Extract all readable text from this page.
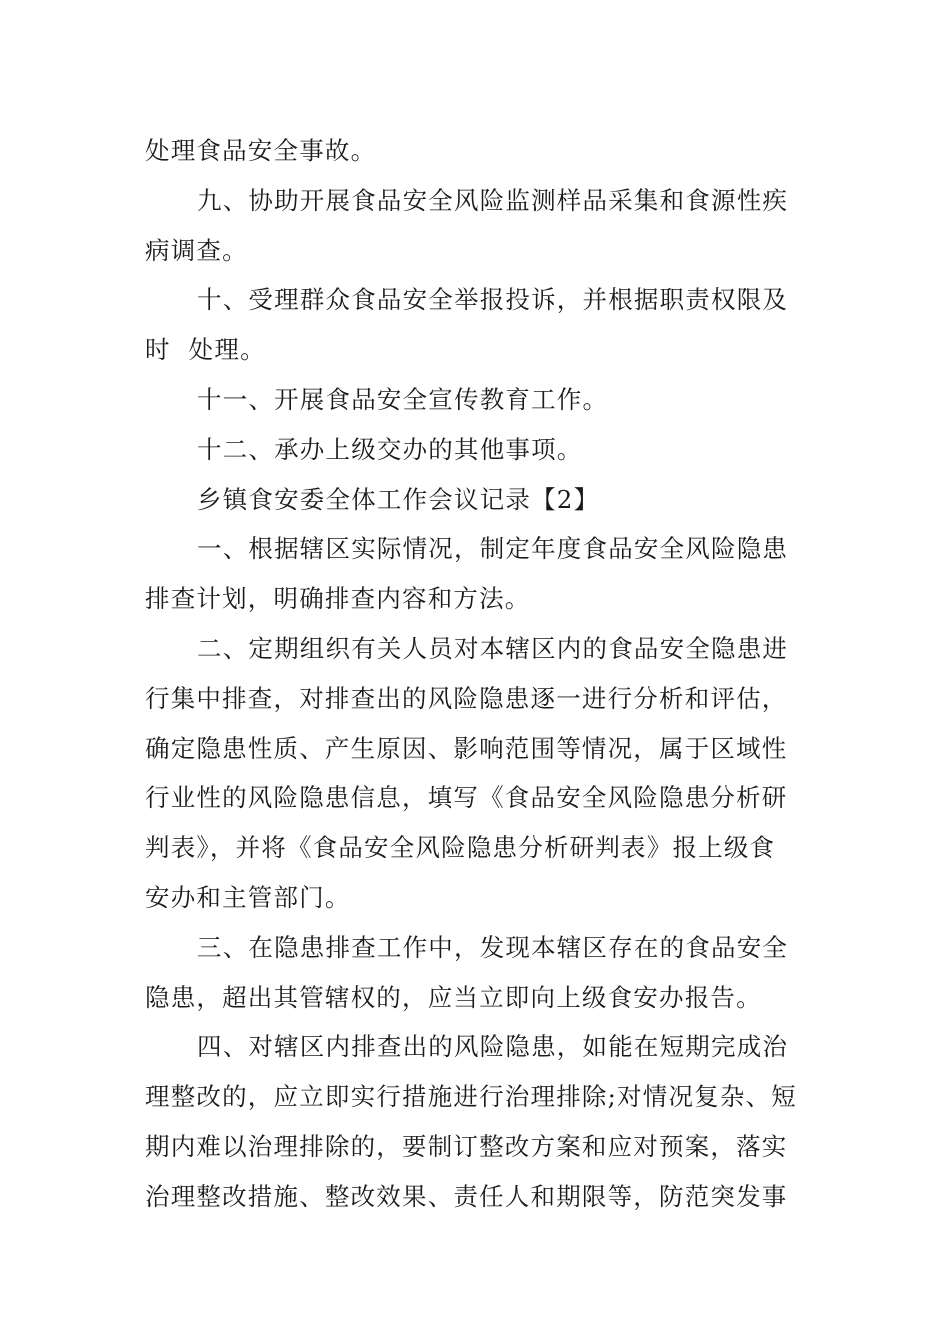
处理食品安全事故。
九、协助开展食品安全风险监测样品采集和食源性疾
病调查。
十、受理群众食品安全举报投诉，并根据职责权限及
时  处理。
十一、开展食品安全宣传教育工作。
十二、承办上级交办的其他事项。
乡镇食安委全体工作会议记录【2】
一、根据辖区实际情况，制定年度食品安全风险隐患
排查计划，明确排查内容和方法。
二、定期组织有关人员对本辖区内的食品安全隐患进
行集中排查，对排查出的风险隐患逐一进行分析和评估，
确定隐患性质、产生原因、影响范围等情况，属于区域性
行业性的风险隐患信息，填写《食品安全风险隐患分析研
判表》，并将《食品安全风险隐患分析研判表》报上级食
安办和主管部门。
三、在隐患排查工作中，发现本辖区存在的食品安全
隐患，超出其管辖权的，应当立即向上级食安办报告。
四、对辖区内排查出的风险隐患，如能在短期完成治
理整改的，应立即实行措施进行治理排除;对情况复杂、短
期内难以治理排除的，要制订整改方案和应对预案，落实
治理整改措施、整改效果、责任人和期限等，防范突发事
